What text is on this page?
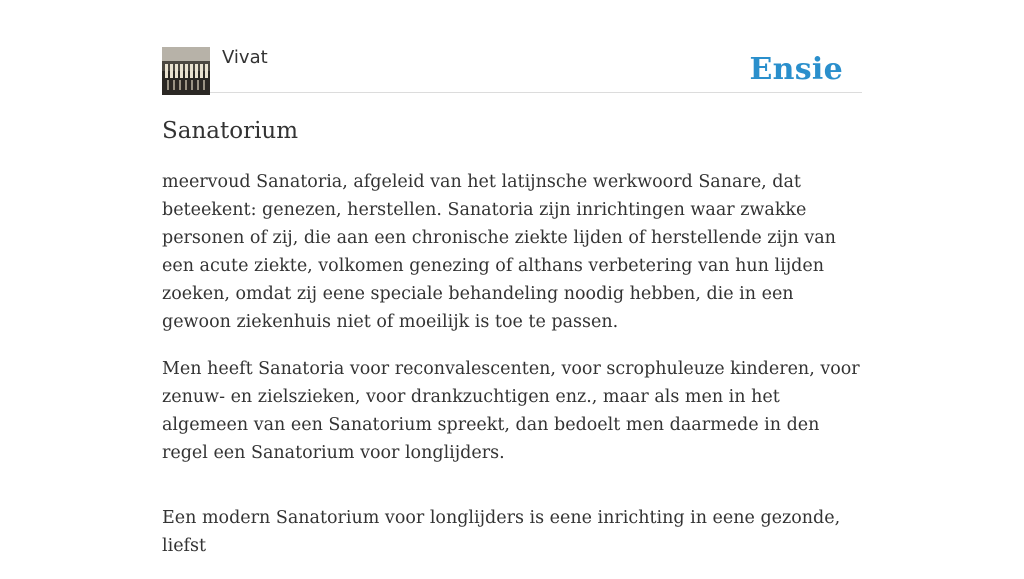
Vivat	Ensie
Sanatorium

meervoud Sanatoria, afgeleid van het latijnsche werkwoord Sanare, dat beteekent: genezen, herstellen. Sanatoria zijn inrichtingen waar zwakke personen of zij, die aan een chronische ziekte lijden of herstellende zijn van een acute ziekte, volkomen genezing of althans verbetering van hun lijden zoeken, omdat zij eene speciale behandeling noodig hebben, die in een gewoon ziekenhuis niet of moeilijk is toe te passen.

Men heeft Sanatoria voor reconvalescenten, voor scrophuleuze kinderen, voor zenuw- en zielszieken, voor drankzuchtigen enz., maar als men in het algemeen van een Sanatorium spreekt, dan bedoelt men daarmede in den regel een Sanatorium voor longlijders.

Een modern Sanatorium voor longlijders is eene inrichting in eene gezonde, liefst
